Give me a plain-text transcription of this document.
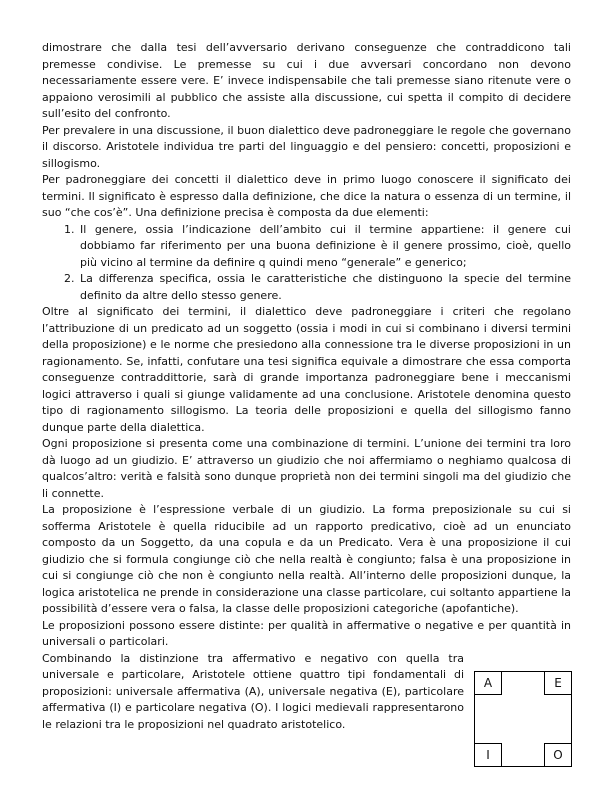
dimostrare che dalla tesi dell’avversario derivano conseguenze che contraddicono tali premesse condivise. Le premesse su cui i due avversari concordano non devono necessariamente essere vere. E’ invece indispensabile che tali premesse siano ritenute vere o appaiono verosimili al pubblico che assiste alla discussione, cui spetta il compito di decidere sull’esito del confronto.

Per prevalere in una discussione, il buon dialettico deve padroneggiare le regole che governano il discorso. Aristotele individua tre parti del linguaggio e del pensiero: concetti, proposizioni e sillogismo.

Per padroneggiare dei concetti il dialettico deve in primo luogo conoscere il significato dei termini. Il significato è espresso dalla definizione, che dice la natura o essenza di un termine, il suo “che cos’è”. Una definizione precisa è composta da due elementi:

1. Il genere, ossia l’indicazione dell’ambito cui il termine appartiene: il genere cui dobbiamo far riferimento per una buona definizione è il genere prossimo, cioè, quello più vicino al termine da definire q quindi meno “generale” e generico;
2. La differenza specifica, ossia le caratteristiche che distinguono la specie del termine definito da altre dello stesso genere.

Oltre al significato dei termini, il dialettico deve padroneggiare i criteri che regolano l’attribuzione di un predicato ad un soggetto (ossia i modi in cui si combinano i diversi termini della proposizione) e le norme che presiedono alla connessione tra le diverse proposizioni in un ragionamento. Se, infatti, confutare una tesi significa equivale a dimostrare che essa comporta conseguenze contraddittorie, sarà di grande importanza padroneggiare bene i meccanismi logici attraverso i quali si giunge validamente ad una conclusione. Aristotele denomina questo tipo di ragionamento sillogismo. La teoria delle proposizioni e quella del sillogismo fanno dunque parte della dialettica.

Ogni proposizione si presenta come una combinazione di termini. L’unione dei termini tra loro dà luogo ad un giudizio. E’ attraverso un giudizio che noi affermiamo o neghiamo qualcosa di qualcos’altro: verità e falsità sono dunque proprietà non dei termini singoli ma del giudizio che li connette.

La proposizione è l’espressione verbale di un giudizio. La forma preposizionale su cui si sofferma Aristotele è quella riducibile ad un rapporto predicativo, cioè ad un enunciato composto da un Soggetto, da una copula e da un Predicato. Vera è una proposizione il cui giudizio che si formula congiunge ciò che nella realtà è congiunto; falsa è una proposizione in cui si congiunge ciò che non è congiunto nella realtà. All’interno delle proposizioni dunque, la logica aristotelica ne prende in considerazione una classe particolare, cui soltanto appartiene la possibilità d’essere vera o falsa, la classe delle proposizioni categoriche (apofantiche).

Le proposizioni possono essere distinte: per qualità in affermative o negative e per quantità in universali o particolari.

Combinando la distinzione tra affermativo e negativo con quella tra universale e particolare, Aristotele ottiene quattro tipi fondamentali di proposizioni: universale affermativa (A), universale negativa (E), particolare affermativa (I) e particolare negativa (O). I logici medievali rappresentarono le relazioni tra le proposizioni nel quadrato aristotelico.

A	E
I	O
